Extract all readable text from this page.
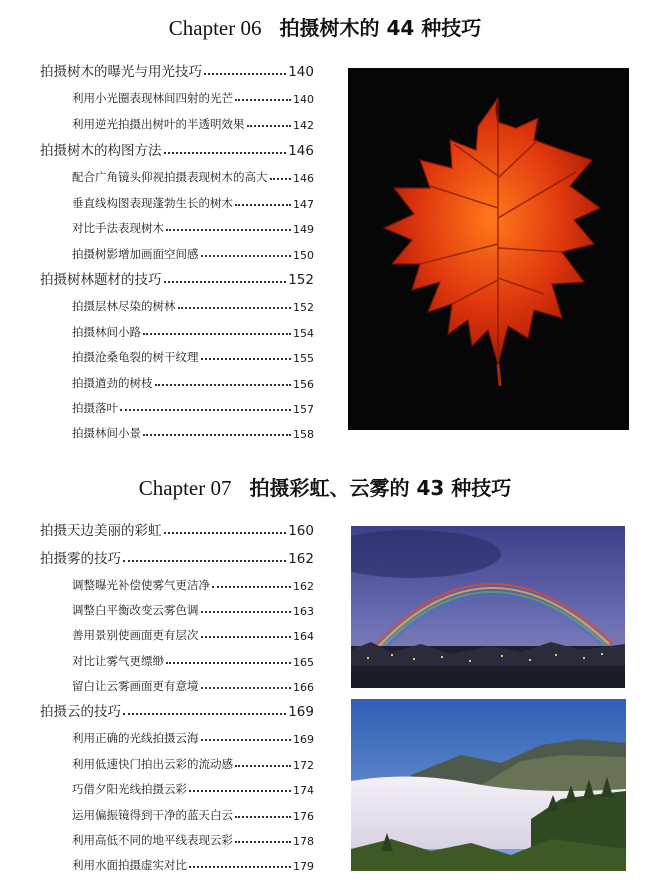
Chapter 06 拍摄树木的 44 种技巧
拍摄树木的曝光与用光技巧	140
利用小光圈表现林间四射的光芒	140
利用逆光拍摄出树叶的半透明效果	142
拍摄树木的构图方法	146
配合广角镜头仰视拍摄表现树木的高大 146
垂直线构图表现蓬勃生长的树木	147
对比手法表现树木	149
拍摄树影增加画面空间感	150
拍摄树林题材的技巧	152
拍摄层林尽染的树林	152
拍摄林间小路	154
拍摄沧桑龟裂的树干纹理	155
拍摄遒劲的树枝	156
拍摄落叶	157
拍摄林间小景	158
Chapter 07 拍摄彩虹、云雾的 43 种技巧
拍摄天边美丽的彩虹	160
拍摄雾的技巧	162
调整曝光补偿使雾气更洁净	162
调整白平衡改变云雾色调	163
善用景别使画面更有层次	164
对比让雾气更缥缈	165
留白让云雾画面更有意境	166
拍摄云的技巧	169
利用正确的光线拍摄云海	169
利用低速快门拍出云彩的流动感	172
巧借夕阳光线拍摄云彩	174
运用偏振镜得到干净的蓝天白云	176
利用高低不同的地平线表现云彩	178
利用水面拍摄虚实对比	179
